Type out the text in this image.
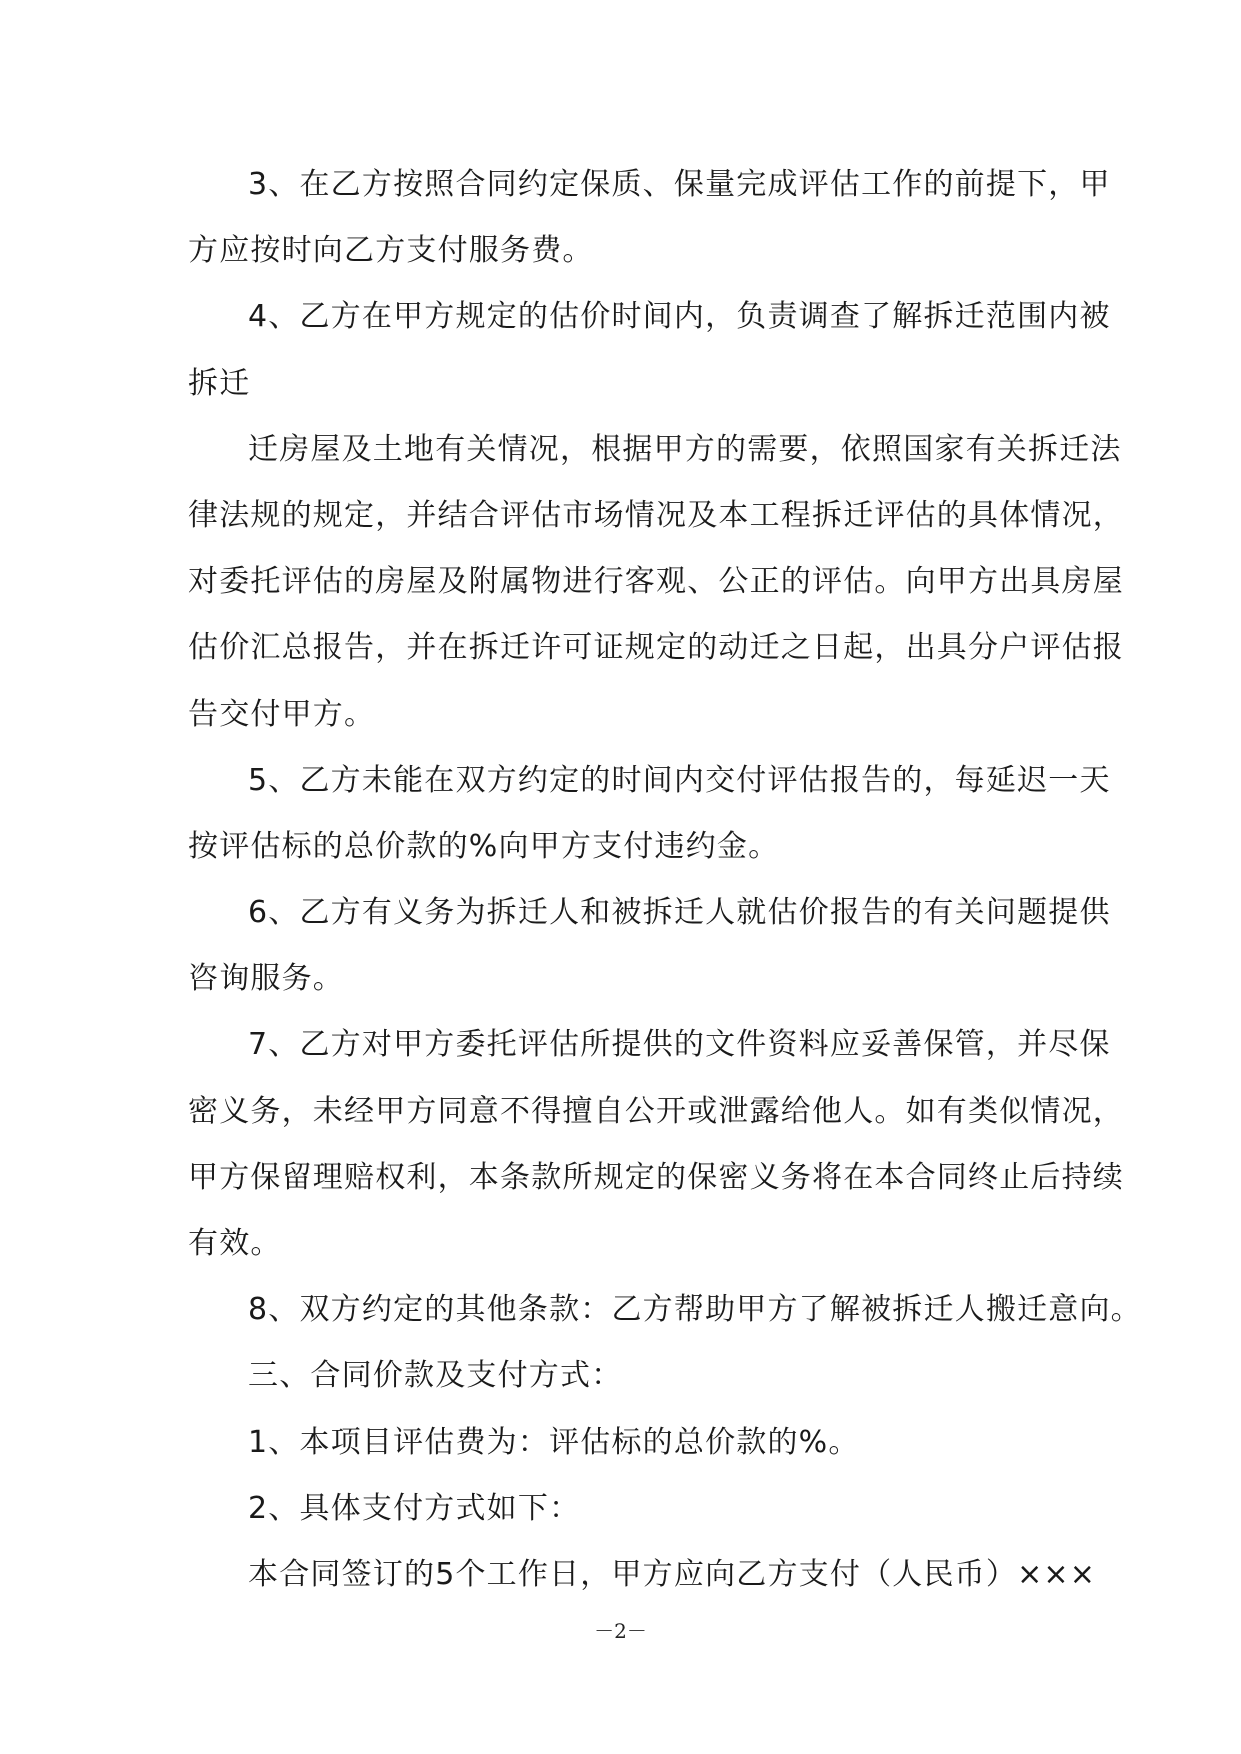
3、在乙方按照合同约定保质、保量完成评估工作的前提下，甲
方应按时向乙方支付服务费。
4、乙方在甲方规定的估价时间内，负责调查了解拆迁范围内被
拆迁
迁房屋及土地有关情况，根据甲方的需要，依照国家有关拆迁法
律法规的规定，并结合评估市场情况及本工程拆迁评估的具体情况，
对委托评估的房屋及附属物进行客观、公正的评估。向甲方出具房屋
估价汇总报告，并在拆迁许可证规定的动迁之日起，出具分户评估报
告交付甲方。
5、乙方未能在双方约定的时间内交付评估报告的，每延迟一天
按评估标的总价款的%向甲方支付违约金。
6、乙方有义务为拆迁人和被拆迁人就估价报告的有关问题提供
咨询服务。
7、乙方对甲方委托评估所提供的文件资料应妥善保管，并尽保
密义务，未经甲方同意不得擅自公开或泄露给他人。如有类似情况，
甲方保留理赔权利，本条款所规定的保密义务将在本合同终止后持续
有效。
8、双方约定的其他条款：乙方帮助甲方了解被拆迁人搬迁意向。
三、合同价款及支付方式：
1、本项目评估费为：评估标的总价款的%。
2、具体支付方式如下：
本合同签订的5个工作日，甲方应向乙方支付（人民币）×××
－2－
